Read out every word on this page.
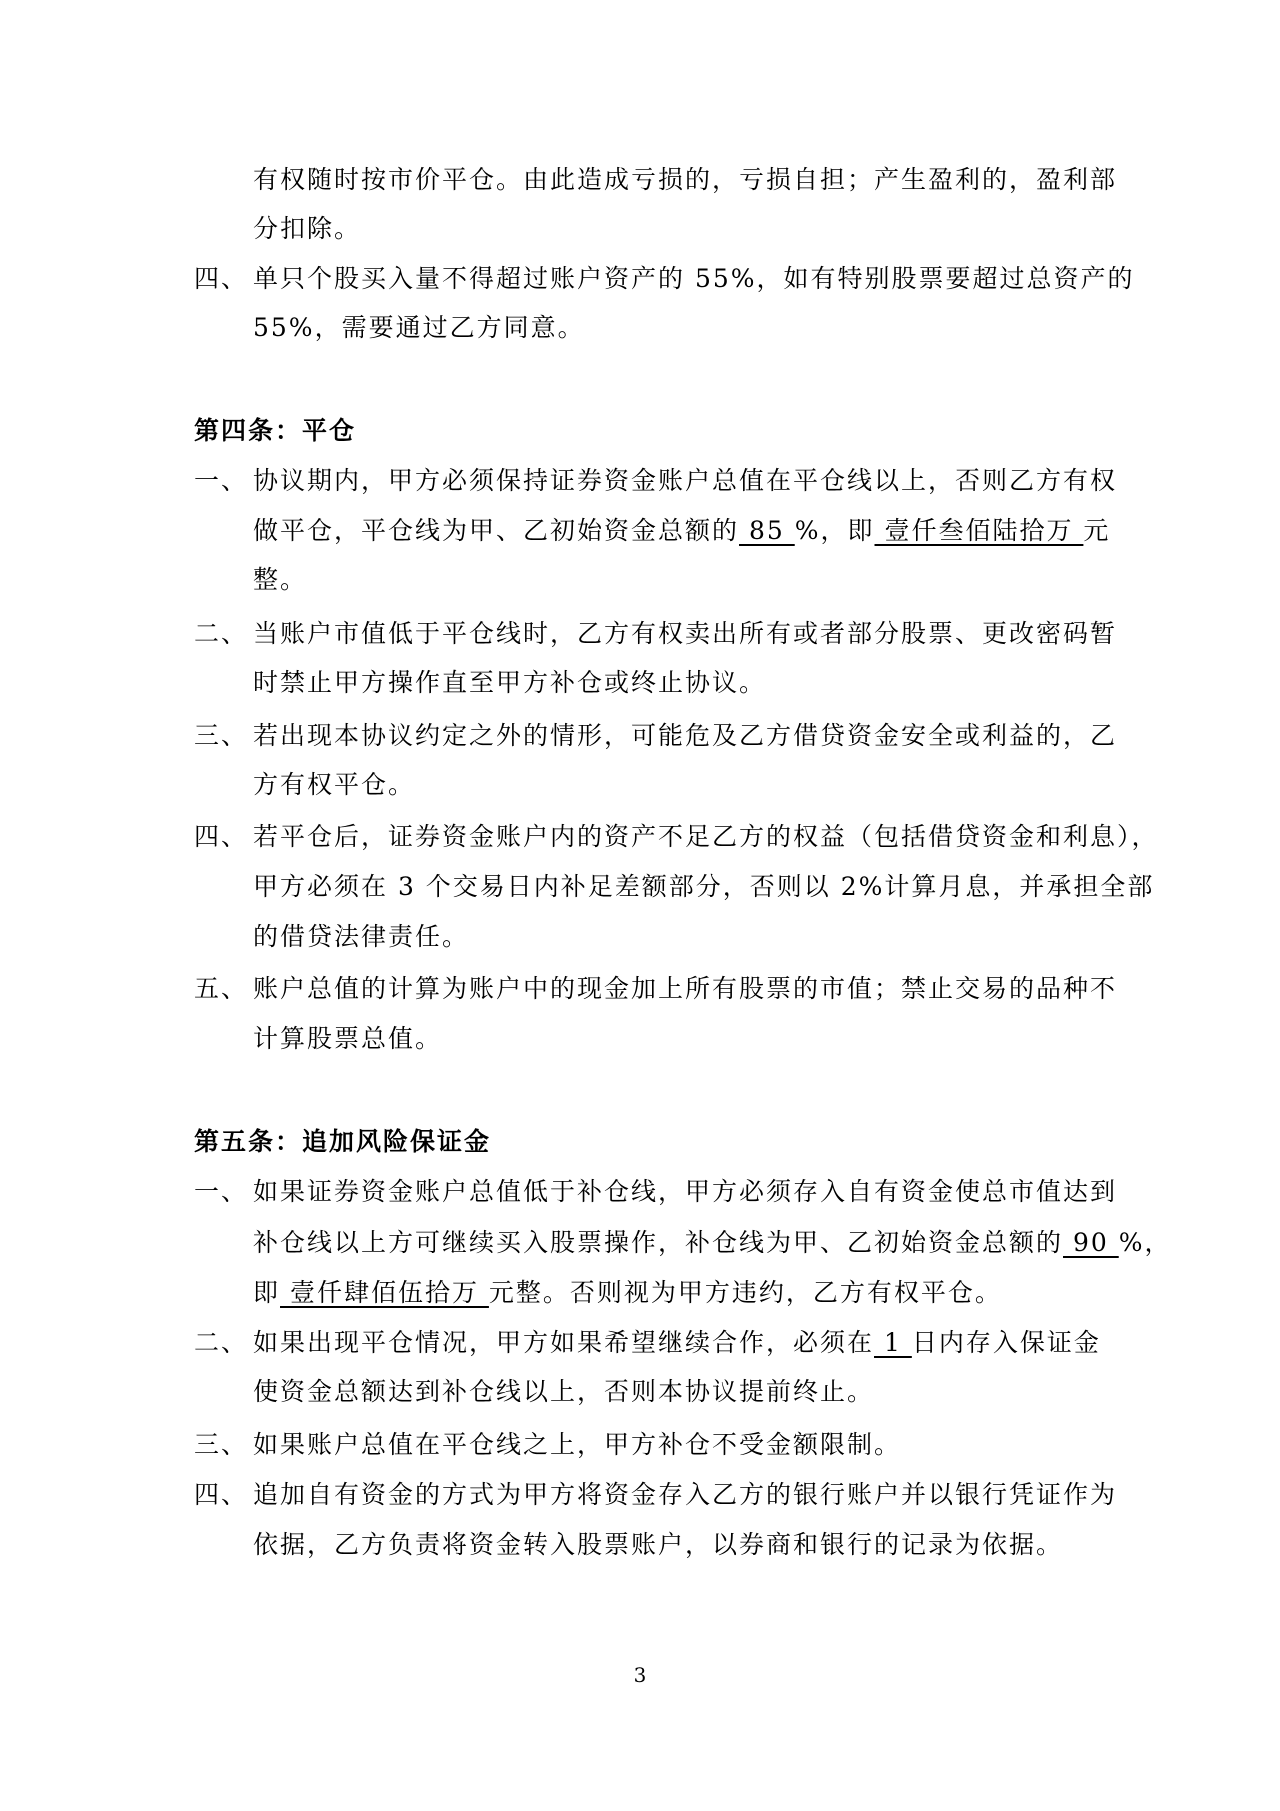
有权随时按市价平仓。由此造成亏损的，亏损自担；产生盈利的，盈利部
分扣除。
四、 单只个股买入量不得超过账户资产的 55%，如有特别股票要超过总资产的
55%，需要通过乙方同意。
第四条：平仓
一、 协议期内，甲方必须保持证券资金账户总值在平仓线以上，否则乙方有权
做平仓，平仓线为甲、乙初始资金总额的 85 %，即 壹仟叁佰陆拾万 元
整。
二、 当账户市值低于平仓线时，乙方有权卖出所有或者部分股票、更改密码暂
时禁止甲方操作直至甲方补仓或终止协议。
三、 若出现本协议约定之外的情形，可能危及乙方借贷资金安全或利益的，乙
方有权平仓。
四、 若平仓后，证券资金账户内的资产不足乙方的权益（包括借贷资金和利息），
甲方必须在 3 个交易日内补足差额部分，否则以 2%计算月息，并承担全部
的借贷法律责任。
五、 账户总值的计算为账户中的现金加上所有股票的市值；禁止交易的品种不
计算股票总值。
第五条：追加风险保证金
一、 如果证券资金账户总值低于补仓线，甲方必须存入自有资金使总市值达到
补仓线以上方可继续买入股票操作，补仓线为甲、乙初始资金总额的 90 %，
即 壹仟肆佰伍拾万 元整。否则视为甲方违约，乙方有权平仓。
二、 如果出现平仓情况，甲方如果希望继续合作，必须在 1 日内存入保证金
使资金总额达到补仓线以上，否则本协议提前终止。
三、 如果账户总值在平仓线之上，甲方补仓不受金额限制。
四、 追加自有资金的方式为甲方将资金存入乙方的银行账户并以银行凭证作为
依据，乙方负责将资金转入股票账户，以券商和银行的记录为依据。
3
